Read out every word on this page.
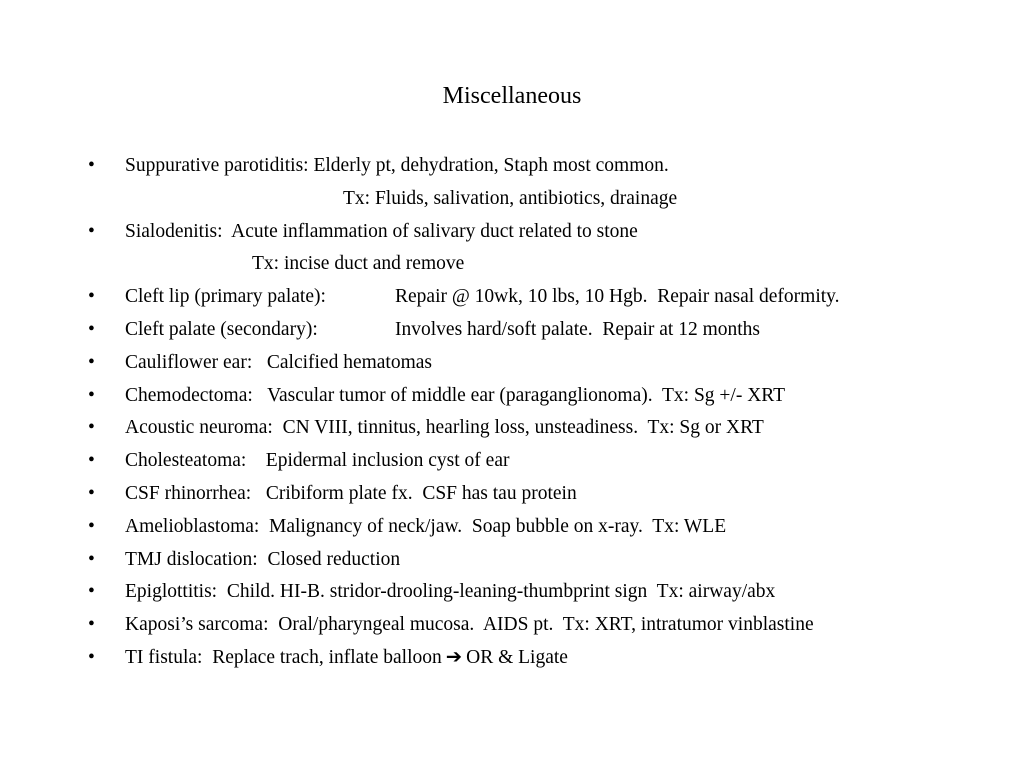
Miscellaneous
• Suppurative parotiditis: Elderly pt, dehydration, Staph most common.
Tx: Fluids, salivation, antibiotics, drainage
• Sialodenitis:  Acute inflammation of salivary duct related to stone
Tx: incise duct and remove
• Cleft lip (primary palate):	Repair @ 10wk, 10 lbs, 10 Hgb.  Repair nasal deformity.
• Cleft palate (secondary):	Involves hard/soft palate.  Repair at 12 months
• Cauliflower ear:   Calcified hematomas
• Chemodectoma:   Vascular tumor of middle ear (paraganglionoma).  Tx: Sg +/- XRT
• Acoustic neuroma:  CN VIII, tinnitus, hearling loss, unsteadiness.  Tx: Sg or XRT
• Cholesteatoma:    Epidermal inclusion cyst of ear
• CSF rhinorrhea:   Cribiform plate fx.  CSF has tau protein
• Amelioblastoma:  Malignancy of neck/jaw.  Soap bubble on x-ray.  Tx: WLE
• TMJ dislocation:  Closed reduction
• Epiglottitis:  Child. HI-B. stridor-drooling-leaning-thumbprint sign  Tx: airway/abx
• Kaposi’s sarcoma:  Oral/pharyngeal mucosa.  AIDS pt.  Tx: XRT, intratumor vinblastine
• TI fistula:  Replace trach, inflate balloon ➔ OR & Ligate
